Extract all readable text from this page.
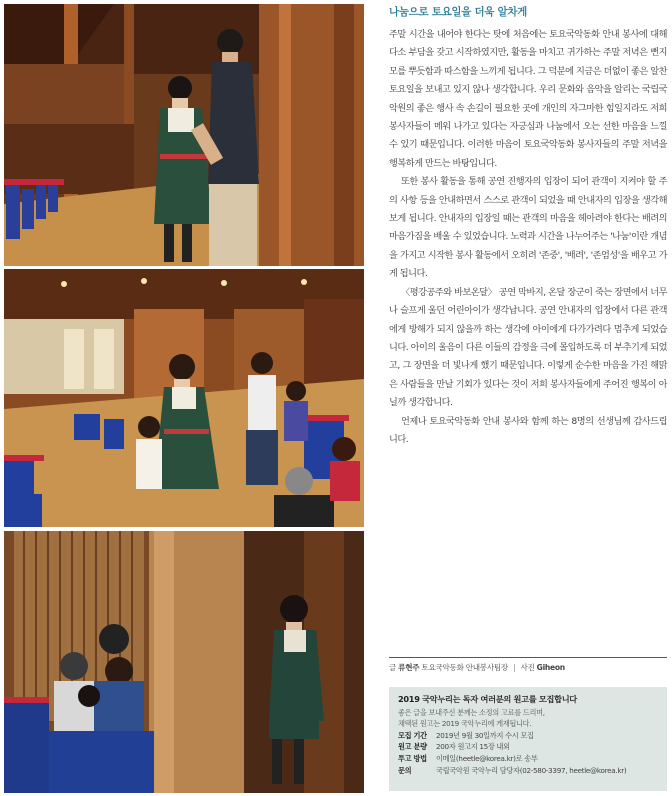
나눔으로 토요일을 더욱 알차게

주말 시간을 내어야 한다는 탓에 처음에는 토요국악동화 안내 봉사에 대해 다소 부담을 갖고 시작하였지만, 활동을 마치고 귀가하는 주말 저녁은 뻔지 모를 뿌듯함과 따스함을 느끼게 됩니다. 그 덕분에 지금은 더없이 좋은 알찬 토요일을 보내고 있지 않나 생각합니다. 우리 문화와 음악을 알리는 국립국악원의 좋은 행사 속 손길이 필요한 곳에 개인의 자그마한 힘일지라도 저희 봉사자들이 메워 나가고 있다는 자긍심과 나눔에서 오는 선한 마음을 느낄 수 있기 때문입니다. 이러한 마음이 토요국악동화 봉사자들의 주말 저녁을 행복하게 만드는 바탕입니다.

또한 봉사 활동을 통해 공연 진행자의 입장이 되어 관객이 지켜야 할 주의 사항 등을 안내하면서 스스로 관객이 되었을 때 안내자의 입장을 생각해보게 됩니다. 안내자의 입장일 때는 관객의 마음을 헤아려야 한다는 배려의 마음가짐을 배울 수 있었습니다. 노력과 시간을 나누어주는 '나눔'이란 개념을 가지고 시작한 봉사 활동에서 오히려 '존중', '배려', '존엄성'을 배우고 가게 됩니다.

〈평강공주와 바보온달〉 공연 막바지, 온달 장군이 죽는 장면에서 너무나 슬프게 울던 어린아이가 생각납니다. 공연 안내자의 입장에서 다른 관객에게 방해가 되지 않을까 하는 생각에 아이에게 다가가려다 멈추게 되었습니다. 아이의 울음이 다른 이들의 감정을 극에 몰입하도록 더 부추기게 되었고, 그 장면을 더 빛나게 했기 때문입니다. 이렇게 순수한 마음을 가진 해맑은 사람들을 만날 기회가 있다는 것이 저희 봉사자들에게 주어진 행복이 아닐까 생각합니다.

언제나 토요국악동화 안내 봉사와 함께 하는 8명의 선생님께 감사드립니다.

글 류현주 토요국악동화 안내봉사팀장 | 사진 Giheon
2019 국악누리는 독자 여러분의 원고를 모집합니다
좋은 글을 보내주신 분께는 소정의 고료를 드리며,
채택된 원고는 2019 국악누리에 게재됩니다.
모집 기간 2019년 9월 30일까지 수시 모집
원고 분량 200자 원고지 15장 내외
투고 방법 이메일(heetle@korea.kr)로 송부
문의	국립국악원 국악누리 담당자(02-580-3397, heetle@korea.kr)
